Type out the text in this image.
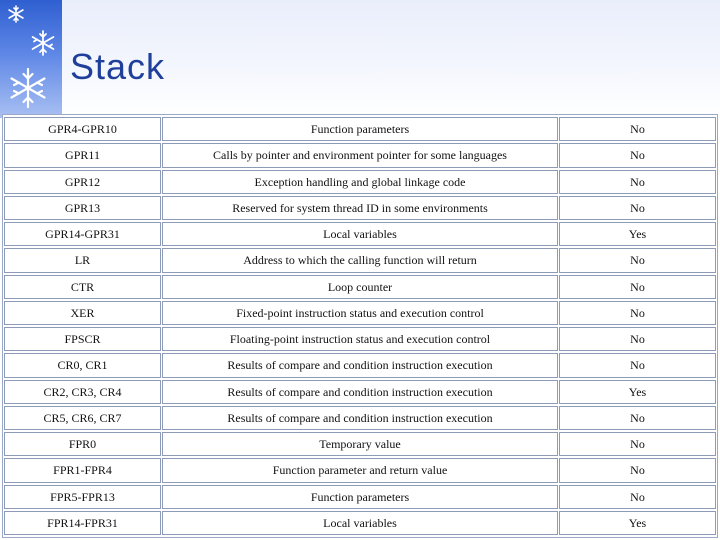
Stack
GPR4-GPR10	Function parameters	No
GPR11	Calls by pointer and environment pointer for some languages	No
GPR12	Exception handling and global linkage code	No
GPR13	Reserved for system thread ID in some environments	No
GPR14-GPR31	Local variables	Yes
LR	Address to which the calling function will return	No
CTR	Loop counter	No
XER	Fixed-point instruction status and execution control	No
FPSCR	Floating-point instruction status and execution control	No
CR0, CR1	Results of compare and condition instruction execution	No
CR2, CR3, CR4	Results of compare and condition instruction execution	Yes
CR5, CR6, CR7	Results of compare and condition instruction execution	No
FPR0	Temporary value	No
FPR1-FPR4	Function parameter and return value	No
FPR5-FPR13	Function parameters	No
FPR14-FPR31	Local variables	Yes
